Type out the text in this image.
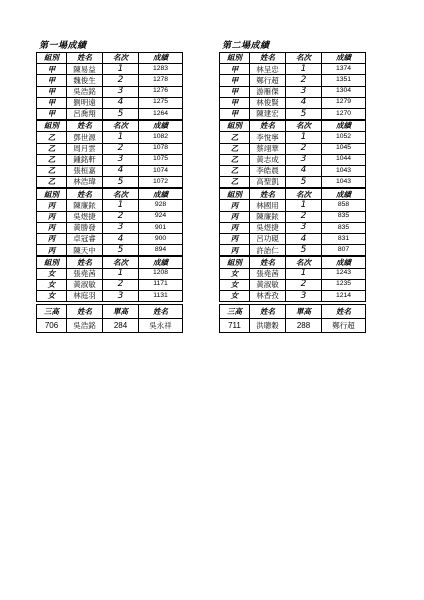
第一場成績
組別	姓名	名次	成績
甲	陳易益	1	1283
甲	魏俊生	2	1278
甲	吳浩銘	3	1276
甲	劉明遠	4	1275
甲	呂喬翔	5	1264
組別	姓名	名次	成績
乙	鄧世源	1	1082
乙	周月雲	2	1078
乙	鍾銘軒	3	1075
乙	張桓嘉	4	1074
乙	林浩瑋	5	1072
組別	姓名	名次	成績
丙	陳廉銥	1	928
丙	吳煜捷	2	924
丙	黃勝發	3	901
丙	卓冠睿	4	900
丙	陳天中	5	894
組別	姓名	名次	成績
女	張堯茜	1	1208
女	黃淑敏	2	1171
女	林庭羽	3	1131
三高	姓名	單高	姓名
706	吳浩銘	284	吳永祥
第二場成績
組別	姓名	名次	成績
甲	林呈忠	1	1374
甲	鄭行超	2	1351
甲	游雁傑	3	1304
甲	林俊賢	4	1279
甲	陳建宏	5	1270
組別	姓名	名次	成績
乙	李悅寧	1	1052
乙	蔡翊華	2	1045
乙	黃志成	3	1044
乙	李皓晨	4	1043
乙	高聖凱	5	1043
組別	姓名	名次	成績
丙	林國用	1	858
丙	陳廉銥	2	835
丙	吳煜捷	3	835
丙	呂功硯	4	831
丙	許詒仁	5	807
組別	姓名	名次	成績
女	張堯茜	1	1243
女	黃淑敏	2	1235
女	林香孜	3	1214
三高	姓名	單高	姓名
711	洪聰穀	288	鄭行超
